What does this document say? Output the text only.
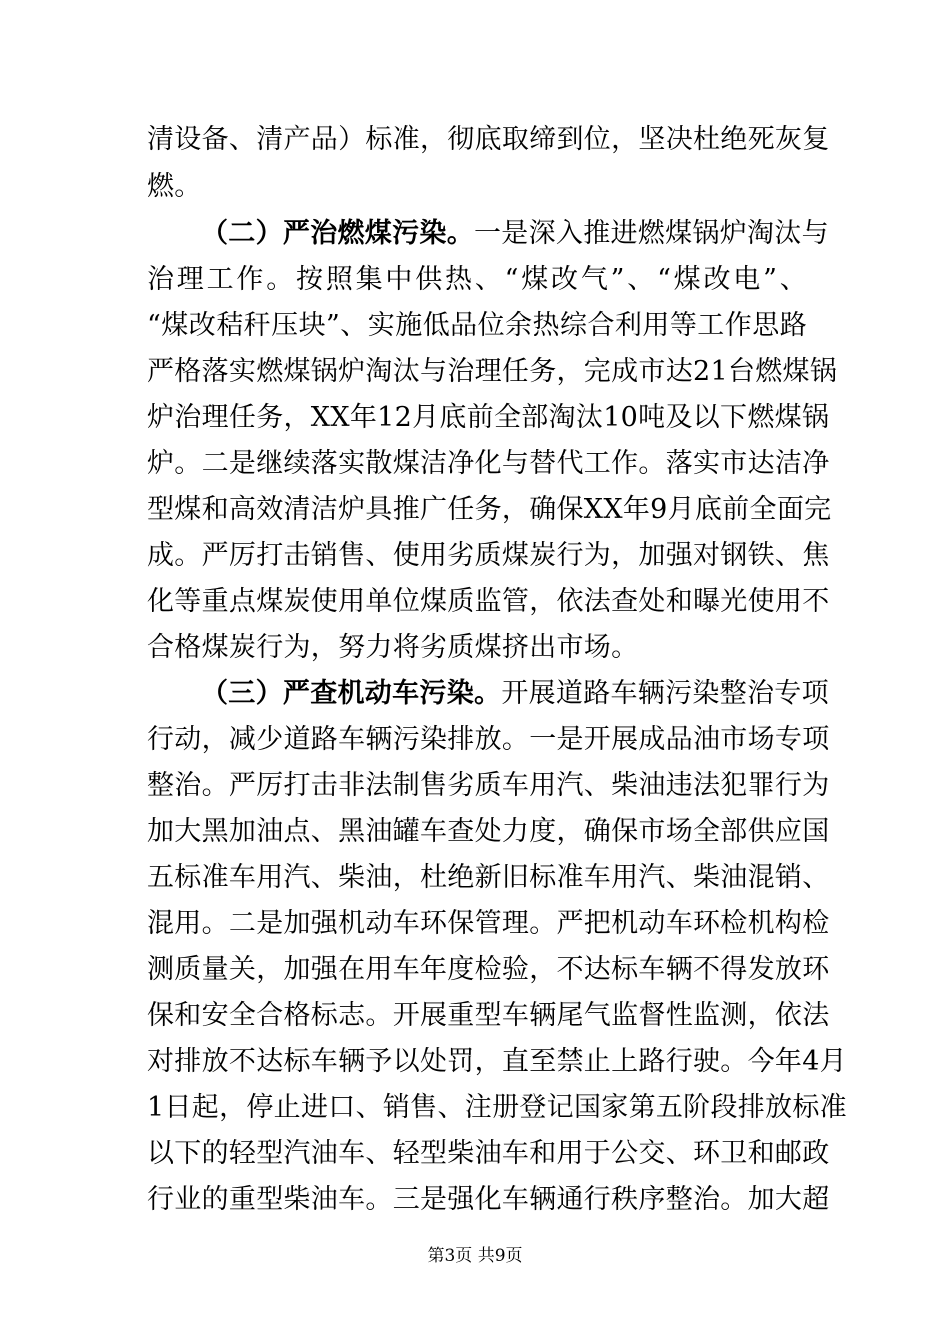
清设备、清产品）标准，彻底取缔到位，坚决杜绝死灰复
燃。
（二）严治燃煤污染。一是深入推进燃煤锅炉淘汰与
治理工作。按照集中供热、“煤改气”、“煤改电”、
“煤改秸秆压块”、实施低品位余热综合利用等工作思路
严格落实燃煤锅炉淘汰与治理任务，完成市达21台燃煤锅
炉治理任务，XX年12月底前全部淘汰10吨及以下燃煤锅
炉。二是继续落实散煤洁净化与替代工作。落实市达洁净
型煤和高效清洁炉具推广任务，确保XX年9月底前全面完
成。严厉打击销售、使用劣质煤炭行为，加强对钢铁、焦
化等重点煤炭使用单位煤质监管，依法查处和曝光使用不
合格煤炭行为，努力将劣质煤挤出市场。
（三）严查机动车污染。开展道路车辆污染整治专项
行动，减少道路车辆污染排放。一是开展成品油市场专项
整治。严厉打击非法制售劣质车用汽、柴油违法犯罪行为
加大黑加油点、黑油罐车查处力度，确保市场全部供应国
五标准车用汽、柴油，杜绝新旧标准车用汽、柴油混销、
混用。二是加强机动车环保管理。严把机动车环检机构检
测质量关，加强在用车年度检验，不达标车辆不得发放环
保和安全合格标志。开展重型车辆尾气监督性监测，依法
对排放不达标车辆予以处罚，直至禁止上路行驶。今年4月
1日起，停止进口、销售、注册登记国家第五阶段排放标准
以下的轻型汽油车、轻型柴油车和用于公交、环卫和邮政
行业的重型柴油车。三是强化车辆通行秩序整治。加大超
第3页 共9页
